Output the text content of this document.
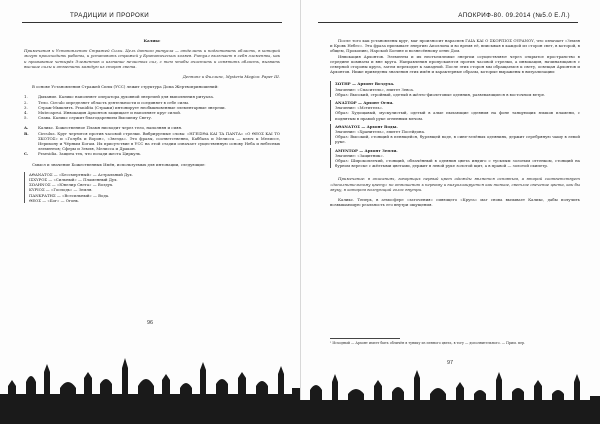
ТРАДИЦИИ И ПРОРОКИ

Каликс

Примечания к Установлению Стражей Силы. Цель данного ритуала — отделить и подготовить область, в которой могут происходить работы, и установить стражей у Британических хозяев. Ритуал включает в себя элементы, как и призывание четырёх Элементов и изгнание нечистых сил, с тем чтобы очистить и освятить область, вызвать высшие силы и отметить каждую из сторон света.

Деннинг и Филлипс, Mysteria Magica: Paper III.

В основе Установления Стражей Силы (УСС) лежит структура Дома Жертвоприношений:

1.	Дыхание. Каликс наполняет оператора духовной энергией для выполнения ритуала.
2.	Тело. Circulo определяет область деятельности и соединяет в себе силы.
3.	Страж-Мышлять. Pranidita (Стражи) интонирует необыкновенные элементарные энергии.
4.	Mutecaprui. Инвокация Архонтов защищает и наполняет круг силой.
5.	Слава. Каликс служит благодарением Высшему Свету.
A.	Каликс. Божественное Пламя нисходит через тело, наполняя и сияя.
B.	Circulus. Круг чертится против часовой стрелки. Вибрируемые слова: «ΗΓΕΙΣΘΑ ΚΑΙ ΤΑ ΠΑΝΤΑ» «Ο ΘΕΟΣ ΚΑΙ ΤΟ ΣΚΟΤΟΣ» и «Голубь и Ворон», «Звезда». Это фразы, соответственно, Каббала и Мелисса — ключ к Мелиссе, Иерихону и Чёрным Богам. Их присутствие в УСС на этой стадии означает существенную основу Неба и небесных элементов; Сферы и Земля, Мелисса и Дракон.
C.	Praesidia. Защита тех, что позади жеста Циркуль.

Смысл и значение Божественных Имён, используемых для интонации, следующие:

ΑΘΑΝΑΤΟΣ — «Бессмертный» — Астральный Дух.

ΙΣΧΥΡΟΣ — «Сильный» — Пламенный Дух.

ΣΩΛΗΝΟΣ — «Ювелир Света» — Воздух.

ΚΥΡΙΟΣ — «Господь» — Земля.

ΠΑΝΚΡΑΤΗΣ — «Всесильный» — Вода.

ΘΕΟΣ — «Бог» — Огонь.

96
АПОКРИФ-80. 09.2014 (№5.0 E.Л.)

После того как установлены круг, маг произносит нараспев ΓΑΙΑ ΚΑΙ Ο ΣΚΟΡΠΙΟΣ ΟΥΡΑΝΟΥ, что означает «Земля и Кровь Небес». Эта фраза призывает энергию Аполлона и во время её, вписывая в каждой из сторон свет, в которой, в общем, Прокопию, Нарской Богине и вознесённому огню Дом.

Инвокация Архонтов. Элементы и их неотъемлемые энергии осуществляют через открытое пространство в середине комнаты и вне круга. Направления пропускаются против часовой стрелки, а инвокация, начинающаяся с северной стороны круга, затем переходит к западной. После этих сторон мы обращаемся к свету, освещая Архонтов и Архонтов. Ниже приведены значения этих имён и характерные образы, которые выражены в визуализации:

ΣΩΤΗΡ — Архонт Воздуха.

Значение: «Спаситель», эпитет Зевса.

Образ: Высокий, стройный, одетый в жёлто-фиолетовые одеяния, развевающиеся в восточном ветре.

ΑΝΑΣΤΩΡ — Архонт Огня.

Значение: «Мститель».

Образ: Худощавый, мускулистый, одетый в алые пылающие одеяния на фоне танцующих языков пламени, с поднятым в правой руке огненным мечом.

ΑΘΑΝΑΤΟΣ — Архонт Воды.

Значение: «Хранитель», эпитет Посейдона.

Образ: Высокий, стоящий в пенящейся, бурлящей воде, в сине-зелёных одеяниях, держит серебряную чашу в левой руке.

ΑΜΥΝΤΩΡ — Архонт Земли.

Значение: «Защитник».

Образ: Широкоплечий, стоящий, облачённый в одеяния цвета индиго с тусклым золотым оттенком, стоящий на бурном вереске с жёлтыми цветами, держит в левой руке золотой щит, а в правой — золотой скипетр.

Примечание: в описаниях, говорящих первый цвет одежды является основным, а второй соответствует «дополнительному цвету» по отношению к первому и визуализируется как тонкое, светлое свечение цвета, как бы звуку, в котором волнующий голос внутри.

Каликс. Теперь, в атмосфере «заточения» сияющего «Круга» маг снова вызывает Каликс, дабы получить возвышающую реальность его внутри ощущения.

¹ Исходный — Архонт имеет быть обличён в тунику из пенного цвета, в тогу — дополнительного. — Прим. пер.
97
